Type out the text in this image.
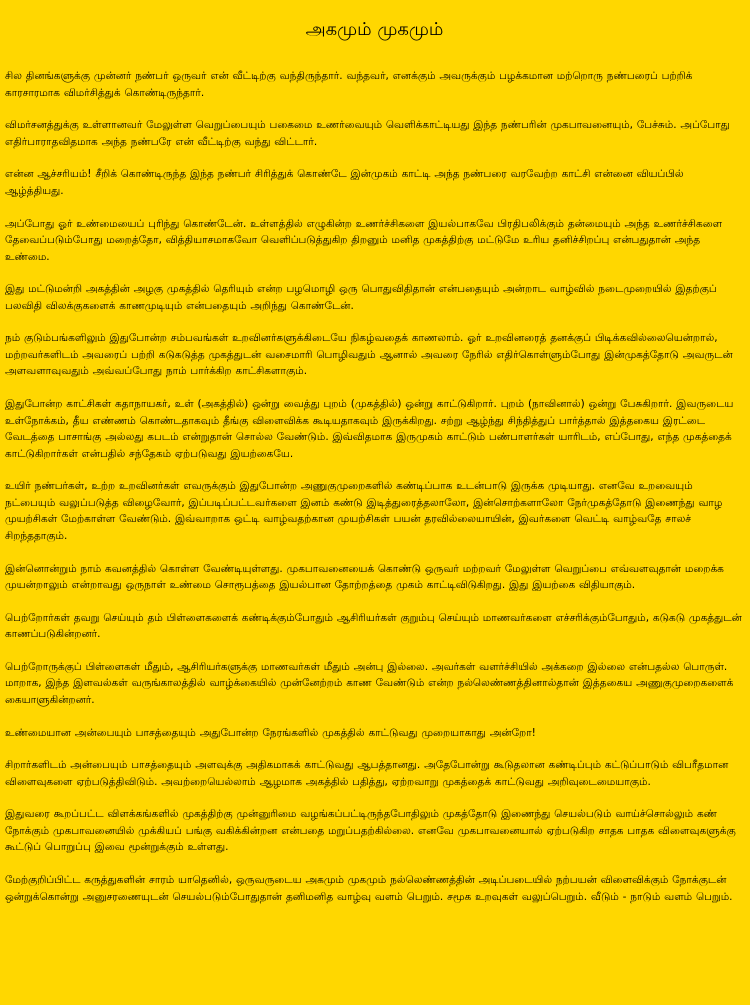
அகமும் முகமும்

சில தினங்களுக்கு முன்னர் நண்பர் ஒருவர் என் வீட்டிற்கு வந்திருந்தார். வந்தவர், எனக்கும் அவருக்கும் பழக்கமான மற்றொரு நண்பரைப் பற்றிக் காரசாரமாக விமர்சித்துக் கொண்டிருந்தார்.

விமர்சனத்துக்கு உள்ளானவர் மேலுள்ள வெறுப்பையும் பகைமை உணர்வையும் வெளிக்காட்டியது இந்த நண்பரின் முகபாவனையும், பேச்சும். அப்போது எதிர்பாராதவிதமாக அந்த நண்பரே என் வீட்டிற்கு வந்து விட்டார்.

என்ன ஆச்சரியம்! சீறிக் கொண்டிருந்த இந்த நண்பர் சிரித்துக் கொண்டே இன்முகம் காட்டி அந்த நண்பரை வரவேற்ற காட்சி என்னை வியப்பில் ஆழ்த்தியது.

அப்போது ஓர் உண்மையைப் புரிந்து கொண்டேன். உள்ளத்தில் எழுகின்ற உணர்ச்சிகளை இயல்பாகவே பிரதிபலிக்கும் தன்மையும் அந்த உணர்ச்சிகளை தேவைப்படும்போது மறைத்தோ, வித்தியாசமாகவோ வெளிப்படுத்துகிற திறனும் மனித முகத்திற்கு மட்டுமே உரிய தனிச்சிறப்பு என்பதுதான் அந்த உண்மை.

இது மட்டுமன்றி அகத்தின் அழகு முகத்தில் தெரியும் என்ற பழமொழி ஒரு பொதுவிதிதான் என்பதையும் அன்றாட வாழ்வில் நடைமுறையில் இதற்குப் பலவிதி விலக்குகளைக் காணமுடியும் என்பதையும் அறிந்து கொண்டேன்.

நம் குடும்பங்களிலும் இதுபோன்ற சம்பவங்கள் உறவினர்களுக்கிடையே நிகழ்வதைக் காணலாம். ஓர் உறவினரைத் தனக்குப் பிடிக்கவில்லையென்றால், மற்றவர்களிடம் அவரைப் பற்றி கடுகடுத்த முகத்துடன் வசைமாரி பொழிவதும் ஆனால் அவரை நேரில் எதிர்கொள்ளும்போது இன்முகத்தோடு அவருடன் அளவளாவுவதும் அவ்வப்போது நாம் பார்க்கிற காட்சிகளாகும்.

இதுபோன்ற காட்சிகள் கதாநாயகர், உள் (அகத்தில்) ஒன்று வைத்து புறம் (முகத்தில்) ஒன்று காட்டுகிறார். புறம் (நாவினால்) ஒன்று பேசுகிறார். இவருடைய உள்நோக்கம், தீய எண்ணம் கொண்டதாகவும் தீங்கு விளைவிக்க கூடியதாகவும் இருக்கிறது. சற்று ஆழ்ந்து சிந்தித்துப் பார்த்தால் இத்தகைய இரட்டை வேடத்தை பாசாங்கு அல்லது கபடம் என்றுதான் சொல்ல வேண்டும். இவ்விதமாக இருமுகம் காட்டும் பண்பாளர்கள் யாரிடம், எப்போது, எந்த முகத்தைக் காட்டுகிறார்கள் என்பதில் சந்தேகம் ஏற்படுவது இயற்கையே.

உயிர் நண்பர்கள், உற்ற உறவினர்கள் எவருக்கும் இதுபோன்ற அணுகுமுறைகளில் கண்டிப்பாக உடன்பாடு இருக்க முடியாது. எனவே உறவையும் நட்பையும் வலுப்படுத்த விழைவோர், இப்படிப்பட்டவர்களை இனம் கண்டு இடித்துரைத்தலாலோ, இன்சொற்களாலோ நேர்முகத்தோடு இணைந்து வாழ முயற்சிகள் மேற்காள்ள வேண்டும். இவ்வாறாக ஒட்டி வாழ்வதற்கான முயற்சிகள் பயன் தரவில்லையாயின், இவர்களை வெட்டி வாழ்வதே சாலச் சிறந்ததாகும்.

இன்னொன்றும் நாம் கவனத்தில் கொள்ள வேண்டியுள்ளது. முகபாவனையைக் கொண்டு ஒருவர் மற்றவர் மேலுள்ள வெறுப்பை எவ்வளவுதான் மறைக்க முயன்றாலும் என்றாவது ஒருநாள் உண்மை சொரூபத்தை இயல்பான தோற்றத்தை முகம் காட்டிவிடுகிறது. இது இயற்கை விதியாகும்.

பெற்றோர்கள் தவறு செய்யும் தம் பிள்ளைகளைக் கண்டிக்கும்போதும் ஆசிரியர்கள் குறும்பு செய்யும் மாணவர்களை எச்சரிக்கும்போதும், கடுகடு முகத்துடன் காணப்படுகின்றனர்.

பெற்றோருக்குப் பிள்ளைகள் மீதும், ஆசிரியர்களுக்கு மாணவர்கள் மீதும் அன்பு இல்லை. அவர்கள் வளர்ச்சியில் அக்கறை இல்லை என்பதல்ல பொருள். மாறாக, இந்த இளவல்கள் வருங்காலத்தில் வாழ்க்கையில் முன்னேற்றம் காண வேண்டும் என்ற நல்லெண்ணத்தினால்தான் இத்தகைய அணுகுமுறைகளைக் கையாளுகின்றனர்.

உண்மையான அன்பையும் பாசத்தையும் அதுபோன்ற நேரங்களில் முகத்தில் காட்டுவது முறையாகாது அன்றோ!

சிறார்களிடம் அன்பையும் பாசத்தையும் அளவுக்கு அதிகமாகக் காட்டுவது ஆபத்தானது. அதேபோன்று கூடுதலான கண்டிப்பும் கட்டுப்பாடும் விபரீதமான விளைவுகளை ஏற்படுத்திவிடும். அவற்றையெல்லாம் ஆழமாக அகத்தில் பதித்து, ஏற்றவாறு முகத்தைக் காட்டுவது அறிவுடைமையாகும்.

இதுவரை கூறப்பட்ட விளக்கங்களில் முகத்திற்கு முன்னுரிமை வழங்கப்பட்டிருந்தபோதிலும் முகத்தோடு இணைந்து செயல்படும் வாய்ச்சொல்லும் கண் நோக்கும் முகபாவனையில் முக்கியப் பங்கு வகிக்கின்றன என்பதை மறுப்பதற்கில்லை. எனவே முகபாவனையால் ஏற்படுகிற சாதக பாதக விளைவுகளுக்கு கூட்டுப் பொறுப்பு இவை மூன்றுக்கும் உள்ளது.

மேற்குறிப்பிட்ட கருத்துகளின் சாரம் யாதெனில், ஒருவருடைய அகமும் முகமும் நல்லெண்ணத்தின் அடிப்படையில் நற்பயன் விளைவிக்கும் நோக்குடன் ஒன்றுக்கொன்று அனுசரணையுடன் செயல்படும்போதுதான் தனிமனித வாழ்வு வளம் பெறும். சமூக உறவுகள் வலுப்பெறும். வீடும் - நாடும் வளம் பெறும்.
